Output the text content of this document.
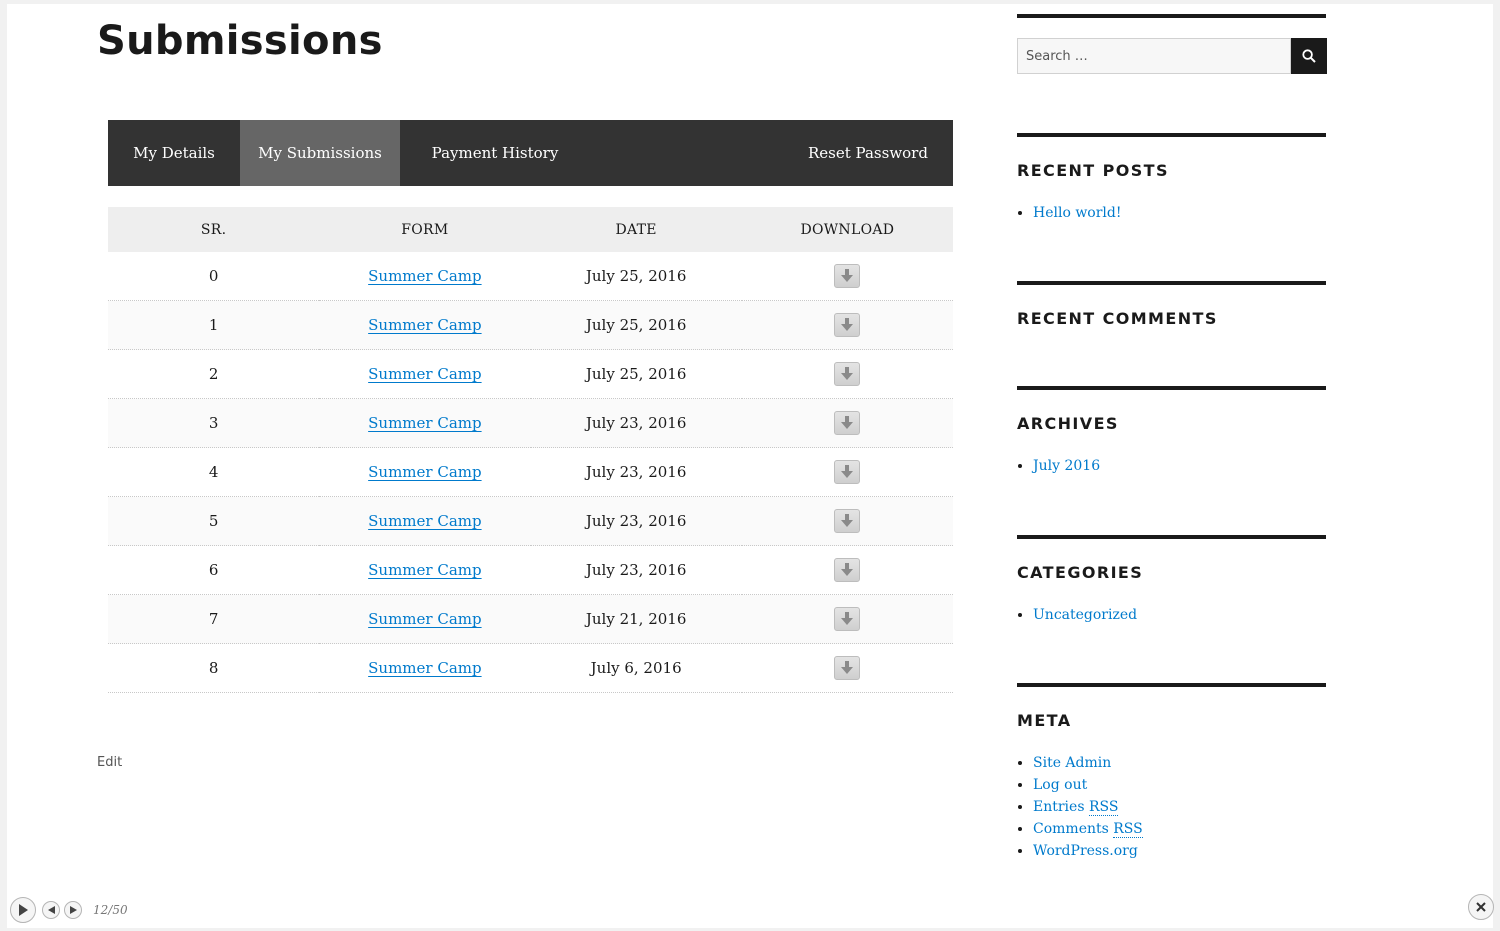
Submissions
My Details	My Submissions	Payment History	Reset Password
SR.	FORM	DATE	DOWNLOAD
0	Summer Camp	July 25, 2016	

1	Summer Camp	July 25, 2016	

2	Summer Camp	July 25, 2016	

3	Summer Camp	July 23, 2016	

4	Summer Camp	July 23, 2016	

5	Summer Camp	July 23, 2016	

6	Summer Camp	July 23, 2016	

7	Summer Camp	July 21, 2016	

8	Summer Camp	July 6, 2016	
Edit
Search …
RECENT POSTS
• Hello world!
RECENT COMMENTS
ARCHIVES
• July 2016
CATEGORIES
• Uncategorized
META
• Site Admin
• Log out
• Entries RSS
• Comments RSS
• WordPress.org
12/50
